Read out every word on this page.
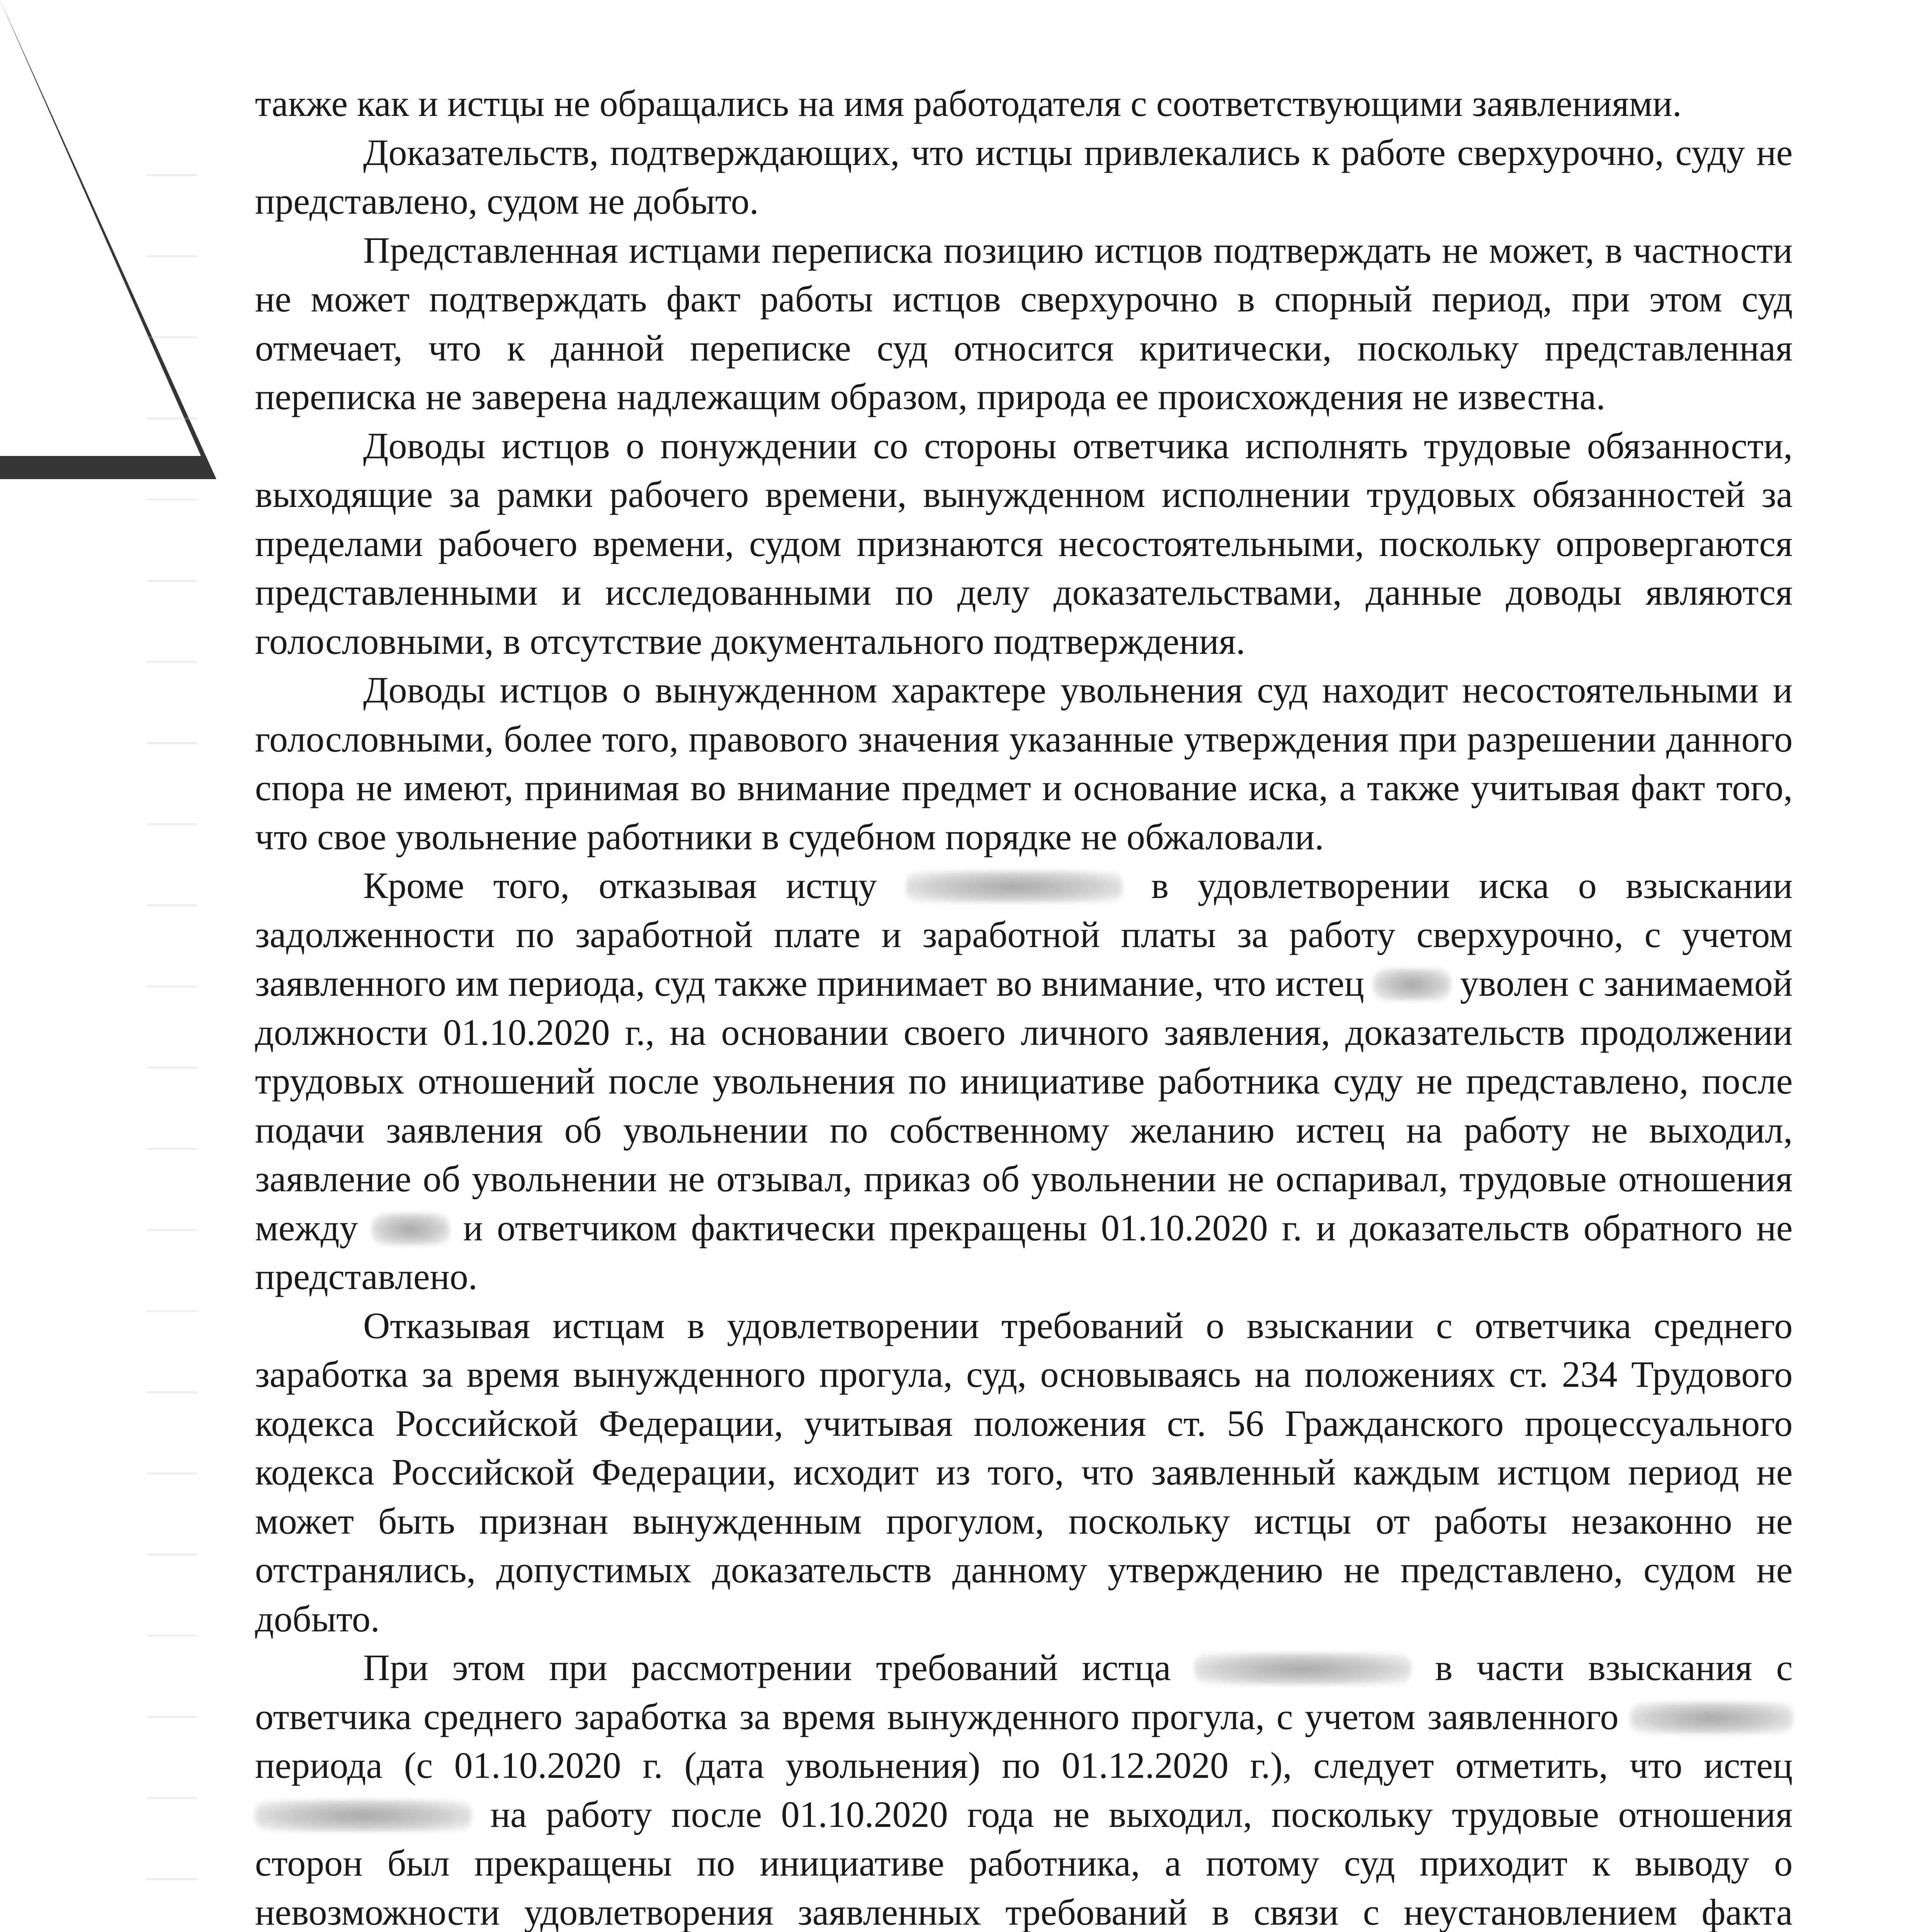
также как и истцы не обращались на имя работодателя с соответствующими заявлениями.

Доказательств, подтверждающих, что истцы привлекались к работе сверхурочно, суду не представлено, судом не добыто.

Представленная истцами переписка позицию истцов подтверждать не может, в частности не может подтверждать факт работы истцов сверхурочно в спорный период, при этом суд отмечает, что к данной переписке суд относится критически, поскольку представленная переписка не заверена надлежащим образом, природа ее происхождения не известна.

Доводы истцов о понуждении со стороны ответчика исполнять трудовые обязанности, выходящие за рамки рабочего времени, вынужденном исполнении трудовых обязанностей за пределами рабочего времени, судом признаются несостоятельными, поскольку опровергаются представленными и исследованными по делу доказательствами, данные доводы являются голословными, в отсутствие документального подтверждения.

Доводы истцов о вынужденном характере увольнения суд находит несостоятельными и голословными, более того, правового значения указанные утверждения при разрешении данного спора не имеют, принимая во внимание предмет и основание иска, а также учитывая факт того, что свое увольнение работники в судебном порядке не обжаловали.

Кроме того, отказывая истцу	в удовлетворении иска о взыскании задолженности по заработной плате и заработной платы за работу сверхурочно, с учетом заявленного им периода, суд также принимает во внимание, что истец  уволен с занимаемой должности 01.10.2020 г., на основании своего личного заявления, доказательств продолжении трудовых отношений после увольнения по инициативе работника суду не представлено, после подачи заявления об увольнении по собственному желанию истец на работу не выходил, заявление об увольнении не отзывал, приказ об увольнении не оспаривал, трудовые отношения между  и ответчиком фактически прекращены 01.10.2020 г. и доказательств обратного не представлено.

Отказывая истцам в удовлетворении требований о взыскании с ответчика среднего заработка за время вынужденного прогула, суд, основываясь на положениях ст. 234 Трудового кодекса Российской Федерации, учитывая положения ст. 56 Гражданского процессуального кодекса Российской Федерации, исходит из того, что заявленный каждым истцом период не может быть признан вынужденным прогулом, поскольку истцы от работы незаконно не отстранялись, допустимых доказательств данному утверждению не представлено, судом не добыто.

При этом при рассмотрении требований истца	в части взыскания с ответчика среднего заработка за время вынужденного прогула, с учетом заявленного  периода (с 01.10.2020 г. (дата увольнения) по 01.12.2020 г.), следует отметить, что истец  на работу после 01.10.2020 года не выходил, поскольку трудовые отношения сторон был прекращены по инициативе работника, а потому суд приходит к выводу о невозможности удовлетворения заявленных требований в связи с неустановлением факта
